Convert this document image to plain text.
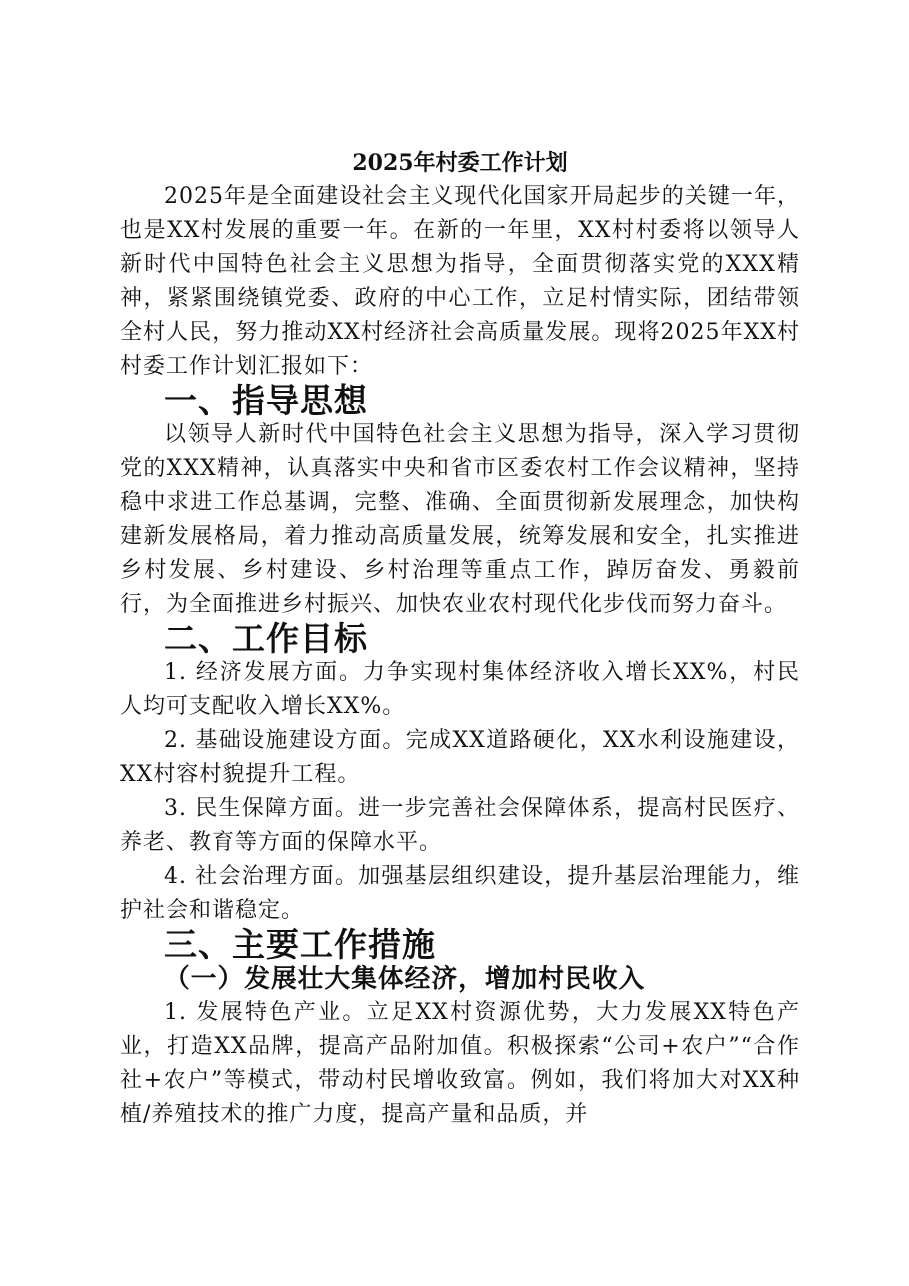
2025年村委工作计划

2025年是全面建设社会主义现代化国家开局起步的关键一年，也是XX村发展的重要一年。在新的一年里，XX村村委将以领导人新时代中国特色社会主义思想为指导，全面贯彻落实党的XXX精神，紧紧围绕镇党委、政府的中心工作，立足村情实际，团结带领全村人民，努力推动XX村经济社会高质量发展。现将2025年XX村村委工作计划汇报如下：

一、指导思想

以领导人新时代中国特色社会主义思想为指导，深入学习贯彻党的XXX精神，认真落实中央和省市区委农村工作会议精神，坚持稳中求进工作总基调，完整、准确、全面贯彻新发展理念，加快构建新发展格局，着力推动高质量发展，统筹发展和安全，扎实推进乡村发展、乡村建设、乡村治理等重点工作，踔厉奋发、勇毅前行，为全面推进乡村振兴、加快农业农村现代化步伐而努力奋斗。

二、工作目标

1. 经济发展方面。力争实现村集体经济收入增长XX%，村民人均可支配收入增长XX%。

2. 基础设施建设方面。完成XX道路硬化，XX水利设施建设，XX村容村貌提升工程。

3. 民生保障方面。进一步完善社会保障体系，提高村民医疗、养老、教育等方面的保障水平。

4. 社会治理方面。加强基层组织建设，提升基层治理能力，维护社会和谐稳定。

三、主要工作措施
（一）发展壮大集体经济，增加村民收入

1. 发展特色产业。立足XX村资源优势，大力发展XX特色产业，打造XX品牌，提高产品附加值。积极探索“公司+农户”“合作社+农户”等模式，带动村民增收致富。例如，我们将加大对XX种植/养殖技术的推广力度，提高产量和品质，并
